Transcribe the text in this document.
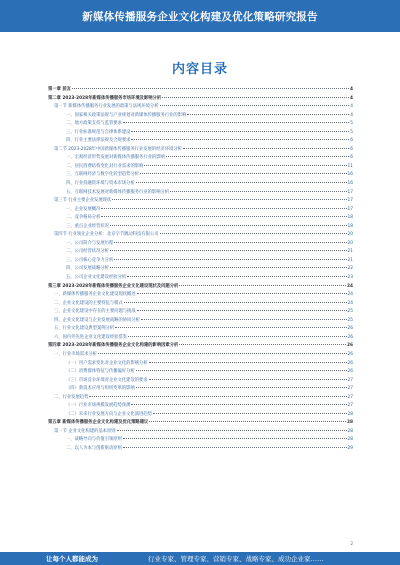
新媒体传播服务企业文化构建及优化策略研究报告
内容目录
第一章 前言	4
第二章 2023-2028年新媒体传播服务市场环境及影响分析	4
第一节 新媒体传播服务行业发展的政策与法规环境分析	4
一、国家相关政策法规与产业规划对新媒体传播服务行业的影响	4
二、地方政策支持与监管要求	5
三、行业标准规范与自律体系建设	5
四、行业主要法律法规及合规要求	6
第二节 2023-2028年中国新媒体传播服务行业发展的经济环境分析	6
一、宏观经济形势发展对新媒体传播服务行业的影响	6
二、居民消费结构变化对行业需求的影响	11
三、互联网经济与数字化转型趋势分析	16
四、行业投融资环境与资本市场分析	16
五、互联网技术发展对新媒体传播服务行业的影响分析	17
第三节 行业主要企业发展现状	17
一、企业发展概况	17
二、竞争格局分析	18
三、重点企业经营状况	18
第四节 行业领先企业分析：北京字节跳动科技有限公司	20
一、公司简介与发展历程	20
二、公司经营状况分析	21
三、公司核心竞争力分析	21
四、公司发展战略分析	22
五、公司企业文化建设经验分析	23
第三章 2023-2028年新媒体传播服务企业文化建设现状及问题分析	24
一、新媒体传播服务企业文化建设现状概述	24
二、企业文化建设的主要特征与模式	24
三、企业文化建设中存在的主要问题与挑战	25
四、企业文化建设与企业发展战略的协同分析	25
五、行业文化建设典型案例分析	26
六、国内外先进企业文化建设经验借鉴	26
第四章 2023-2028年新媒体传播服务企业文化构建的影响因素分析	26
一、行业市场需求分析	26
（一）用户需求变化对企业文化的影响分析	26
（二）消费群体特征与传播偏好分析	26
（三）市场竞争环境对企业文化建设的要求	27
（四）新技术应用与组织变革的影响	27
二、行业发展趋势	27
（一）行业市场规模发展趋势预测	27
（二）未来行业发展方向与企业文化演进趋势	28
第五章 新媒体传播服务企业文化构建及优化策略建议	28
第一节 企业文化构建的基本原则	28
一、战略导向与价值引领原则	28
二、以人为本与创新驱动原则	29
2
让每个人都能成为	行业专家、管理专家、营销专家、战略专家、成功企业家……
